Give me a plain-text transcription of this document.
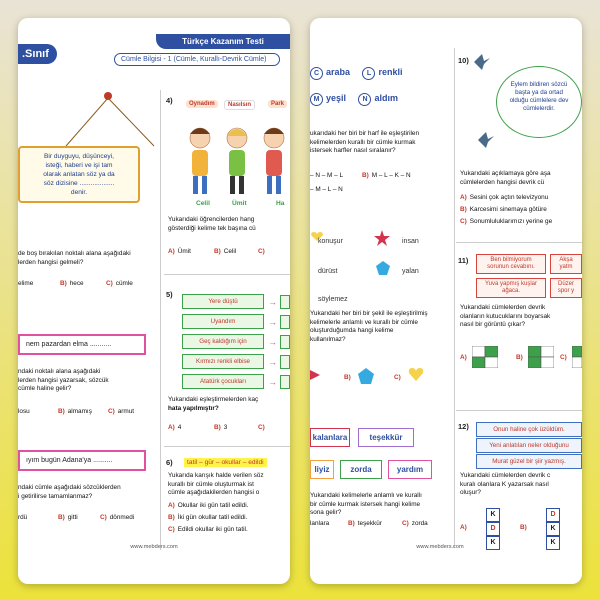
.Sınıf
Türkçe Kazanım Testi
Cümle Bilgisi - 1 (Cümle, Kurallı-Devrik Cümle)
Bir duyguyu, düşünceyi,
isteği, haberi ve işi tam
olarak anlatan söz ya da
söz dizisine ...................
denir.
de boş bırakılan noktalı alana aşağıdaki
lerden hangisi gelmeli?
elime	B) hece	C) cümle
nem pazardan elma ...........
ndaki noktalı alana aşağıdaki
lerden hangisi yazarsak, sözcük
cümle haline gelir?
losu	B) almamış	C) armut
ıyım bugün Adana'ya ..........
ndaki cümle aşağıdaki sözcüklerden
i getirilirse tamamlanmaz?
rdü	B) gitti	C) dönmedi
4)	Oynadım	Nasılsın	Park
Celil	Ümit	Ha
Yukarıdaki öğrencilerden hang
gösterdiği kelime tek başına cü
A) Ümit	B) Celil	C)
5)
Yere düştü	→
Uyandım	→
Geç kaldığım için	→
Kırmızı renkli elbise	→
Atatürk çocukları	→
Yukarıdaki eşleştirmelerden kaç
hata yapılmıştır?
A) 4	B) 3	C)
6)	tatil – gür – okullar – edildi
Yukarıda karışık halde verilen söz
kurallı bir cümle oluşturmak ist
cümle aşağıdakilerden hangisi o
A) Okullar iki gün tatil edildi.
B) İki gün okullar tatil edildi.
C) Edildi okullar iki gün tatil.
www.mebders.com
C araba L renkli
M yeşil N aldım
ukarıdaki her biri bir harf ile eşleştirilen
kelimelerden kurallı bir cümle kurmak
istersek harfler nasıl sıralanır?
– N – M – L	B) M – L – K – N
– M – L – N
konuşur	insan
dürüst	yalan
söylemez
Yukarıdaki her biri bir şekil ile eşleştirilmiş
kelimelerle anlamlı ve kurallı bir cümle
oluşturduğumda hangi kelime
kullanılmaz?
B)	C)
kalanlara	teşekkür
liyiz	zorda	yardım
Yukarıdaki kelimelerle anlamlı ve kurallı
bir cümle kurmak istersek hangi kelime
sona gelir?
lanlara	B) teşekkür	C) zorda
10)
Eylem bildiren sözcü
başta ya da ortad
olduğu cümlelere dev
cümlelerdir.
Yukarıdaki açıklamaya göre aşa
cümlelerden hangisi devrik cü
A) Sesini çok açtın televizyonu
B) Karcesimi sinemaya götüre
C) Sonumluluklarımızı yerine ge
11)	Ben bilmiyorum sorunun cevabını.
Akşa yatm
Yuva yapmış kuşlar ağaca.
Düzer spor y
Yukarıdaki cümlelerden devrik
olanların kutucuklarını boyarsak
nasıl bir görüntü çıkar?
A)	B)	C)
12)	Onun haline çok üzüldüm.
Yeni anlatılan neler olduğunu
Murat güzel bir şiir yazmış.
Yukarıdaki cümlelerden devrik c
kuralı olanlara K yazarsak nasıl
oluşur?
A)
K
D
K
B)
D
K
K
www.mebders.com
